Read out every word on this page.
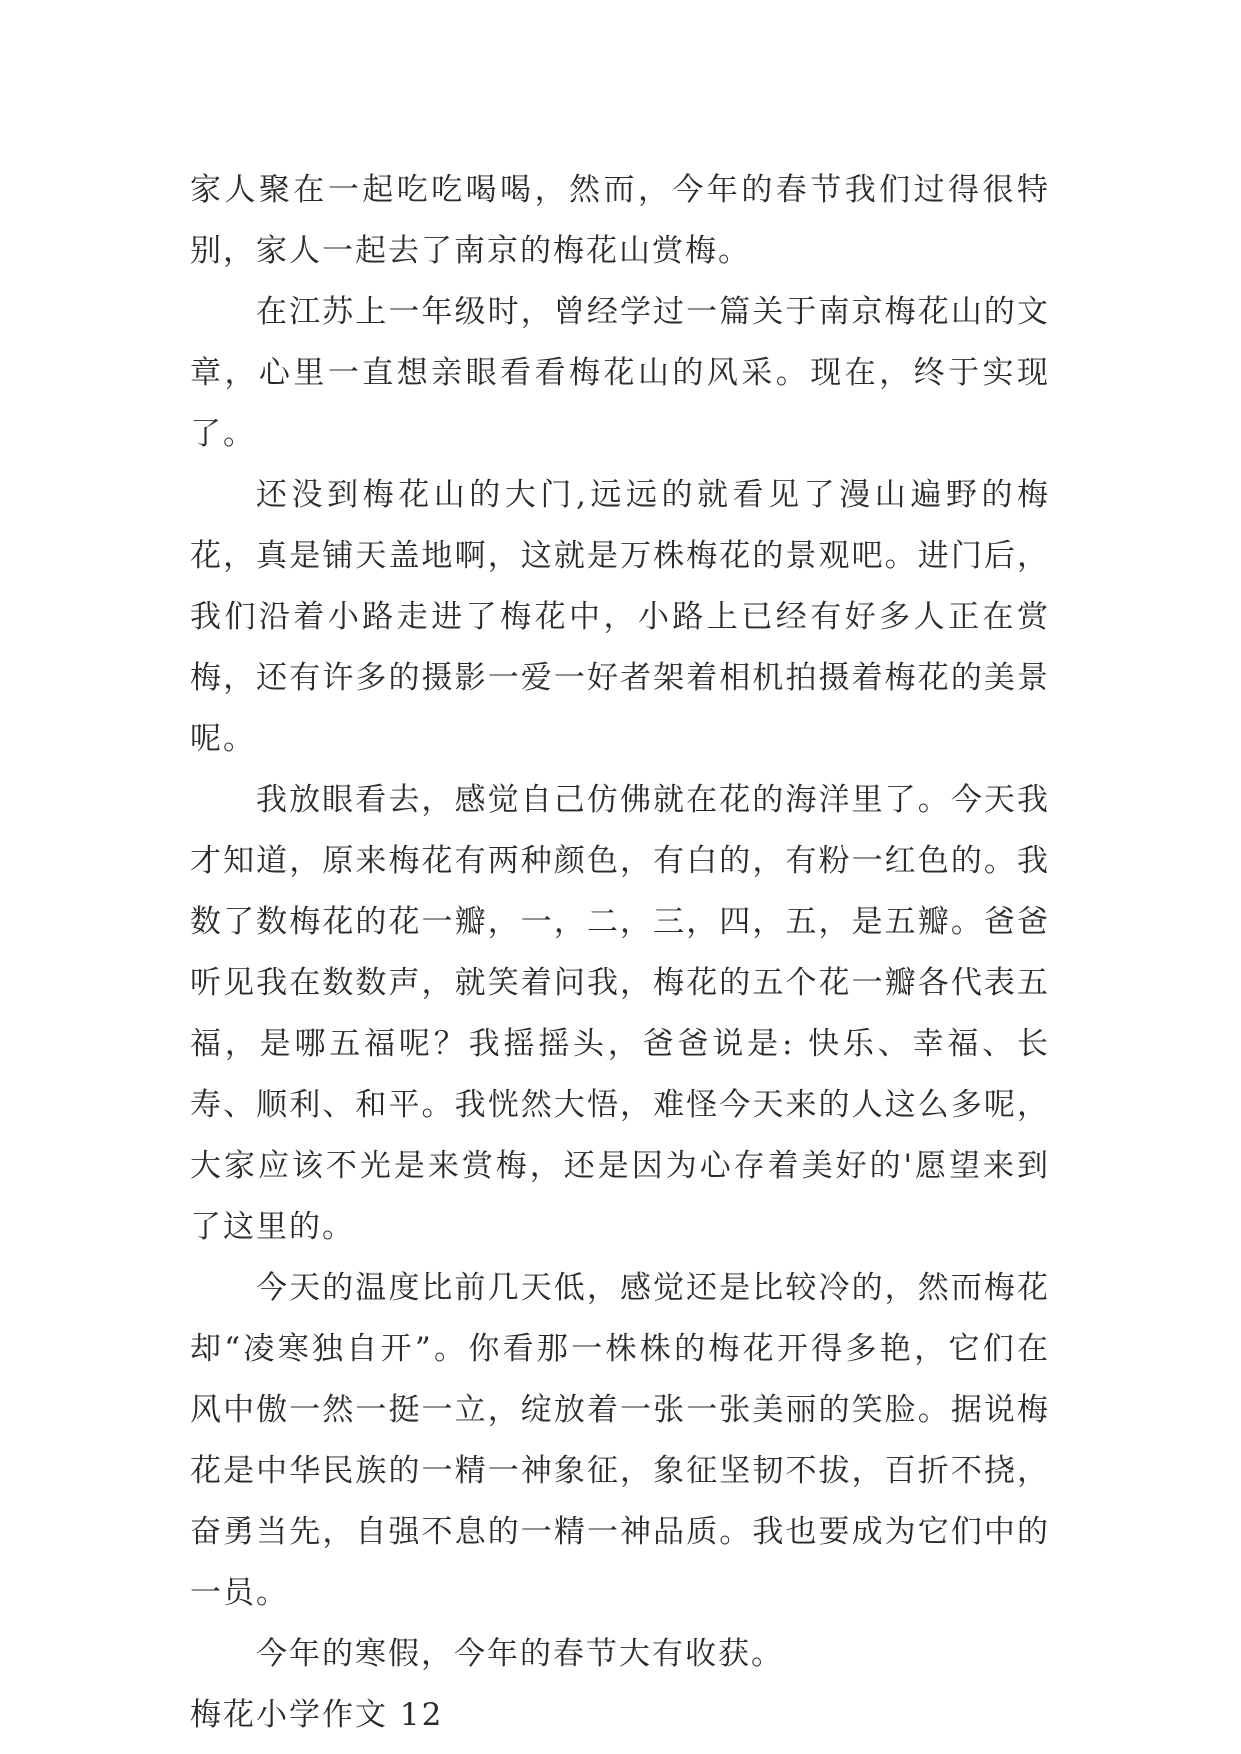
家人聚在一起吃吃喝喝，然而，今年的春节我们过得很特别，家人一起去了南京的梅花山赏梅。

在江苏上一年级时，曾经学过一篇关于南京梅花山的文章，心里一直想亲眼看看梅花山的风采。现在，终于实现了。

还没到梅花山的大门,远远的就看见了漫山遍野的梅花，真是铺天盖地啊，这就是万株梅花的景观吧。进门后，我们沿着小路走进了梅花中，小路上已经有好多人正在赏梅，还有许多的摄影一爱一好者架着相机拍摄着梅花的美景呢。

我放眼看去，感觉自己仿佛就在花的海洋里了。今天我才知道，原来梅花有两种颜色，有白的，有粉一红色的。我数了数梅花的花一瓣，一，二，三，四，五，是五瓣。爸爸听见我在数数声，就笑着问我，梅花的五个花一瓣各代表五福，是哪五福呢？我摇摇头，爸爸说是: 快乐、幸福、长寿、顺利、和平。我恍然大悟，难怪今天来的人这么多呢，大家应该不光是来赏梅，还是因为心存着美好的'愿望来到了这里的。

今天的温度比前几天低，感觉还是比较冷的，然而梅花却“凌寒独自开”。你看那一株株的梅花开得多艳，它们在风中傲一然一挺一立，绽放着一张一张美丽的笑脸。据说梅花是中华民族的一精一神象征，象征坚韧不拔，百折不挠，奋勇当先，自强不息的一精一神品质。我也要成为它们中的一员。

今年的寒假，今年的春节大有收获。

梅花小学作文 12
